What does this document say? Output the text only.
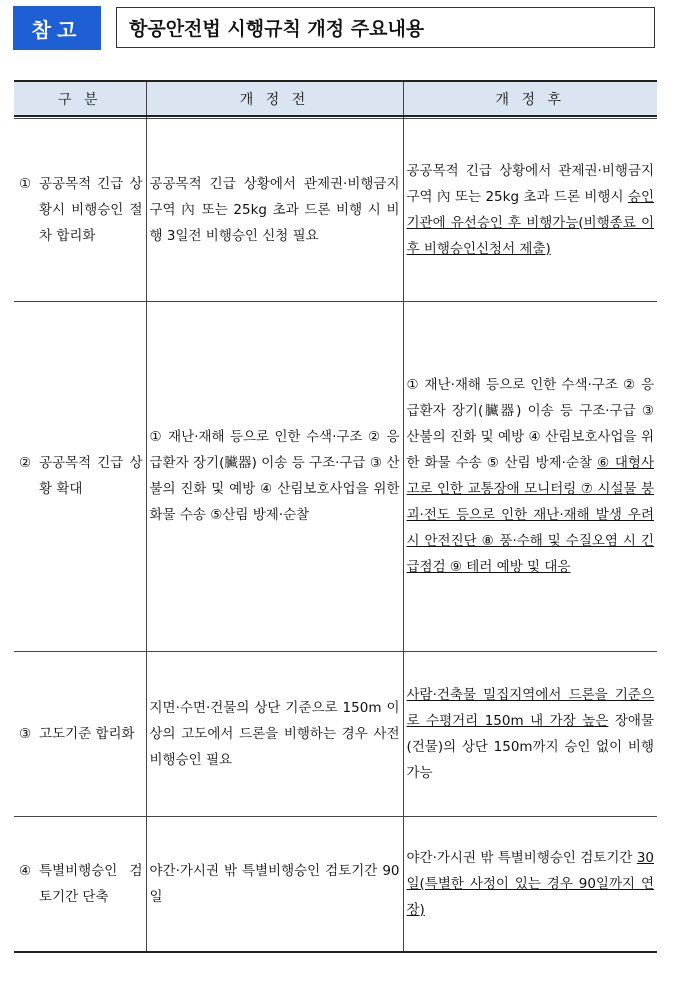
참고	항공안전법 시행규칙 개정 주요내용
구 분	개 정 전	개 정 후

① 공공목적 긴급 상황시 비행승인 절차 합리화	공공목적 긴급 상황에서 관제권·비행금지구역 內 또는 25kg 초과 드론 비행 시 비행 3일전 비행승인 신청 필요	공공목적 긴급 상황에서 관제권·비행금지구역 內 또는 25kg 초과 드론 비행시 승인기관에 유선승인 후 비행가능(비행종료 이후 비행승인신청서 제출)

② 공공목적 긴급 상황 확대	① 재난·재해 등으로 인한 수색·구조 ② 응급환자 장기(臟器) 이송 등 구조·구급 ③ 산불의 진화 및 예방 ④ 산림보호사업을 위한 화물 수송 ⑤산림 방제·순찰	① 재난·재해 등으로 인한 수색·구조 ② 응급환자 장기(臟器) 이송 등 구조·구급 ③ 산불의 진화 및 예방 ④ 산림보호사업을 위한 화물 수송 ⑤ 산림 방제·순찰 ⑥ 대형사고로 인한 교통장애 모니터링 ⑦ 시설물 붕괴·전도 등으로 인한 재난·재해 발생 우려 시 안전진단 ⑧ 풍·수해 및 수질오염 시 긴급점검 ⑨ 테러 예방 및 대응

③ 고도기준 합리화	지면·수면·건물의 상단 기준으로 150m 이상의 고도에서 드론을 비행하는 경우 사전 비행승인 필요	사람·건축물 밀집지역에서 드론을 기준으로 수평거리 150m 내 가장 높은 장애물(건물)의 상단 150m까지 승인 없이 비행가능

④ 특별비행승인 검토기간 단축	야간·가시권 밖 특별비행승인 검토기간 90일	야간·가시권 밖 특별비행승인 검토기간 30일(특별한 사정이 있는 경우 90일까지 연장)
